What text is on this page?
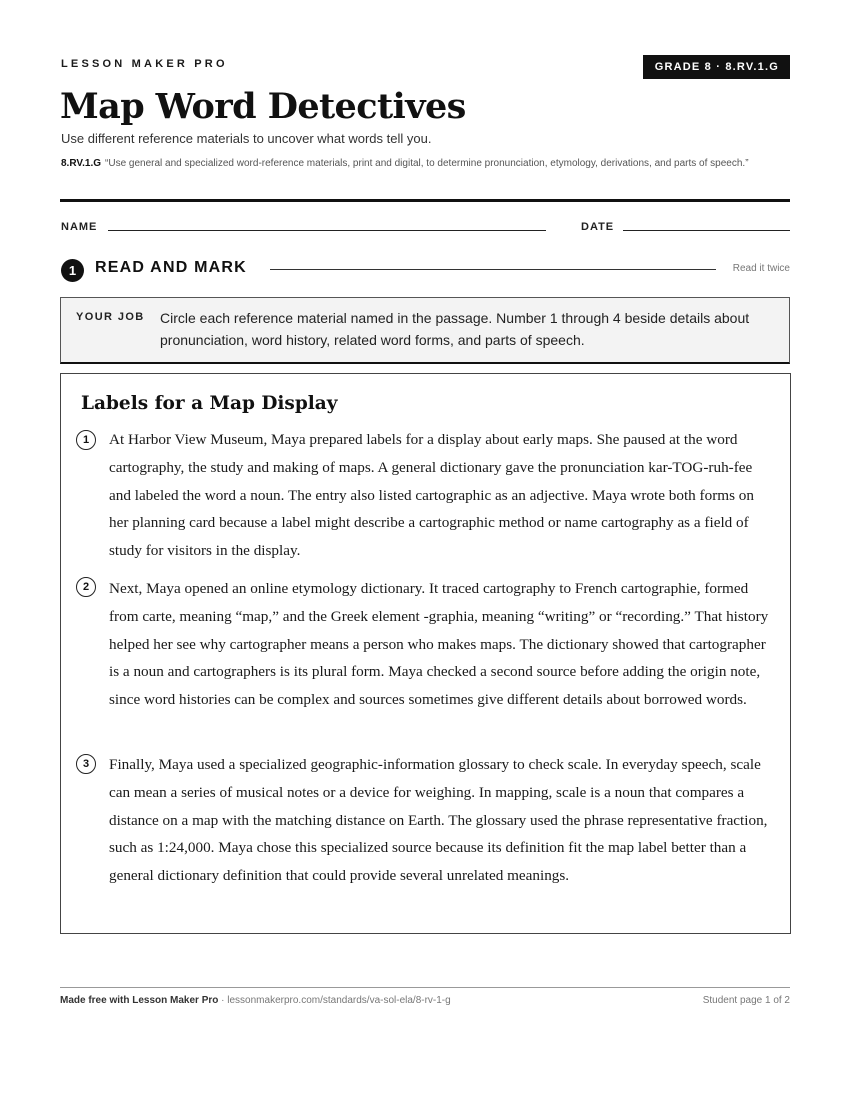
LESSON MAKER PRO	GRADE 8 · 8.RV.1.G
Map Word Detectives
Use different reference materials to uncover what words tell you.
8.RV.1.G “Use general and specialized word-reference materials, print and digital, to determine pronunciation, etymology, derivations, and parts of speech.”
NAME	DATE
1	READ AND MARK	Read it twice
YOUR JOB Circle each reference material named in the passage. Number 1 through 4 beside details about pronunciation, word history, related word forms, and parts of speech.
Labels for a Map Display
1	At Harbor View Museum, Maya prepared labels for a display about early maps. She paused at the word cartography, the study and making of maps. A general dictionary gave the pronunciation kar-TOG-ruh-fee and labeled the word a noun. The entry also listed cartographic as an adjective. Maya wrote both forms on her planning card because a label might describe a cartographic method or name cartography as a field of study for visitors in the display.
2	Next, Maya opened an online etymology dictionary. It traced cartography to French cartographie, formed from carte, meaning “map,” and the Greek element -graphia, meaning “writing” or “recording.” That history helped her see why cartographer means a person who makes maps. The dictionary showed that cartographer is a noun and cartographers is its plural form. Maya checked a second source before adding the origin note, since word histories can be complex and sources sometimes give different details about borrowed words.
3	Finally, Maya used a specialized geographic-information glossary to check scale. In everyday speech, scale can mean a series of musical notes or a device for weighing. In mapping, scale is a noun that compares a distance on a map with the matching distance on Earth. The glossary used the phrase representative fraction, such as 1:24,000. Maya chose this specialized source because its definition fit the map label better than a general dictionary definition that could provide several unrelated meanings.
Made free with Lesson Maker Pro · lessonmakerpro.com/standards/va-sol-ela/8-rv-1-g	Student page 1 of 2
